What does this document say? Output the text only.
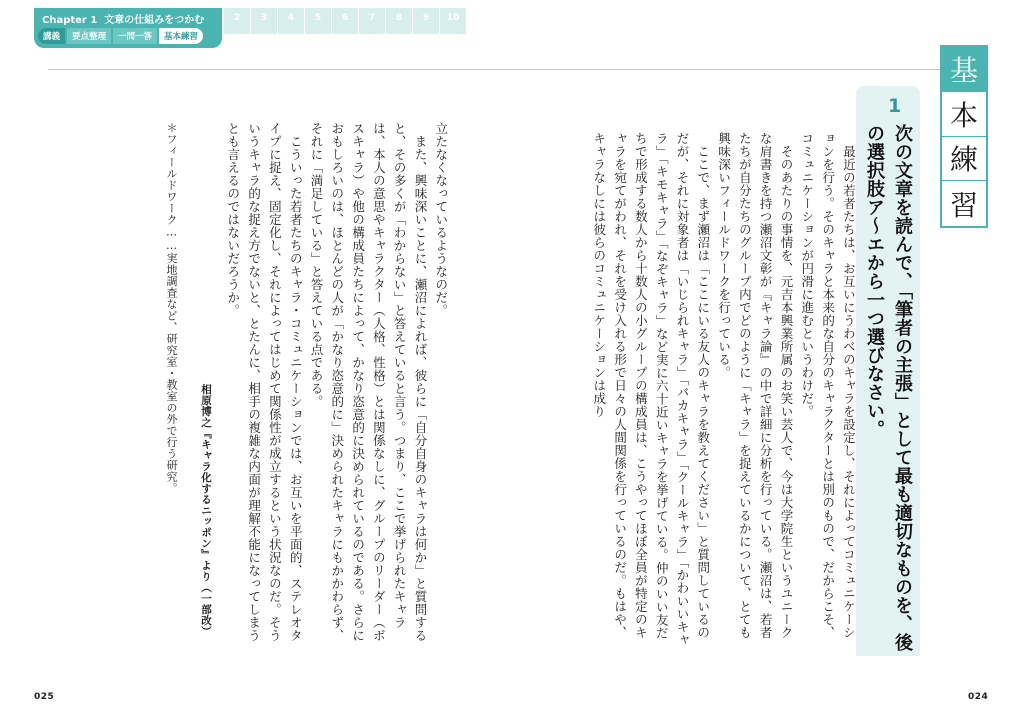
Chapter 1 文章の仕組みをつかむ
講義	要点整理	一問一答	基本練習
2	3	4	5	6	7	8	9	10
基
本
練
習
1
次の文章を読んで、「筆者の主張」として最も適切なものを、後の選択肢ア〜エから一つ選びなさい。
　最近の若者たちは、お互いにうわべのキャラを設定し、それによってコミュニケーションを行う。そのキャラと本来的な自分のキャラクターとは別のもので、だからこそ、コミュニケーションが円滑に進むというわけだ。
　そのあたりの事情を、元吉本興業所属のお笑い芸人で、今は大学院生というユニークな肩書きを持つ瀬沼文彰が『キャラ論』の中で詳細に分析を行っている。瀬沼は、若者たちが自分たちのグループ内でどのように「キャラ」を捉えているかについて、とても興味深いフィールドワークを行っている。
　ここで、まず瀬沼は「ここにいる友人のキャラを教えてください」と質問しているのだが、それに対象者は「いじられキャラ」「バカキャラ」「クールキャラ」「かわいいキャラ」「キモキャラ」「なぞキャラ」など実に六十近いキャラを挙げている。仲のいい友だちで形成する数人から十数人の小グループの構成員は、こうやってほぼ全員が特定のキャラを宛てがわれ、それを受け入れる形で日々の人間関係を行っているのだ。もはや、キャラなしには彼らのコミュニケーションは成り
立たなくなっているようなのだ。
　また、興味深いことに、瀬沼によれば、彼らに「自分自身のキャラは何か」と質問すると、その多くが「わからない」と答えていると言う。つまり、ここで挙げられたキャラは、本人の意思やキャラクター（人格、性格）とは関係なしに、グループのリーダー（ボスキャラ）や他の構成員たちによって、かなり恣意的に決められているのである。さらにおもしろいのは、ほとんどの人が「かなり恣意的に」決められたキャラにもかかわらず、それに「満足している」と答えている点である。
　こういった若者たちのキャラ・コミュニケーションでは、お互いを平面的、ステレオタイプに捉え、固定化し、それによってはじめて関係性が成立するという状況なのだ。そういうキャラ的な捉え方でないと、とたんに、相手の複雑な内面が理解不能になってしまうとも言えるのではないだろうか。
相原博之『キャラ化するニッポン』より（一部改）
＊フィールドワーク……実地調査など、研究室・教室の外で行う研究。
025	024
